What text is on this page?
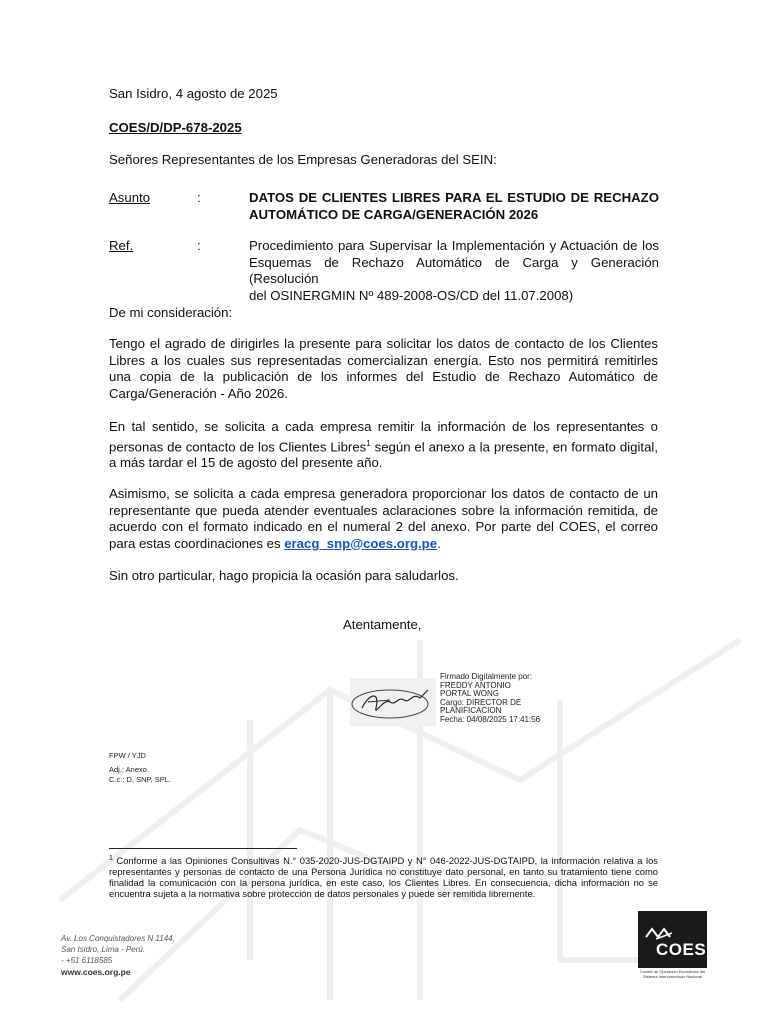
San Isidro, 4 agosto de 2025
COES/D/DP-678-2025
Señores Representantes de los Empresas Generadoras del SEIN:
Asunto	:	DATOS DE CLIENTES LIBRES PARA EL ESTUDIO DE RECHAZO
AUTOMÁTICO DE CARGA/GENERACIÓN 2026
Ref.	:	Procedimiento para Supervisar la Implementación y Actuación de los
Esquemas de Rechazo Automático de Carga y Generación (Resolución
del OSINERGMIN Nº 489-2008-OS/CD del 11.07.2008)
De mi consideración:
Tengo el agrado de dirigirles la presente para solicitar los datos de contacto de los Clientes Libres a los cuales sus representadas comercializan energía. Esto nos permitirá remitirles una copia de la publicación de los informes del Estudio de Rechazo Automático de Carga/Generación - Año 2026.
En tal sentido, se solicita a cada empresa remitir la información de los representantes o personas de contacto de los Clientes Libres$^1$ según el anexo a la presente, en formato digital, a más tardar el 15 de agosto del presente año.
Asimismo, se solicita a cada empresa generadora proporcionar los datos de contacto de un representante que pueda atender eventuales aclaraciones sobre la información remitida, de acuerdo con el formato indicado en el numeral 2 del anexo. Por parte del COES, el correo para estas coordinaciones es eracg_snp@coes.org.pe.
Sin otro particular, hago propicia la ocasión para saludarlos.
Atentamente,
Firmado Digitalmente por:
FREDDY ANTONIO
PORTAL WONG
Cargo: DIRECTOR DE
PLANIFICACION
Fecha: 04/08/2025 17:41:56
FPW / YJD
Adj.: Anexo.
C.c.: D, SNP, SPL.
$^1$ Conforme a las Opiniones Consultivas N.° 035-2020-JUS-DGTAIPD y N° 046-2022-JUS-DGTAIPD, la información relativa a los representantes y personas de contacto de una Persona Jurídica no constituye dato personal, en tanto su tratamiento tiene como finalidad la comunicación con la persona jurídica, en este caso, los Clientes Libres. En consecuencia, dicha información no se encuentra sujeta a la normativa sobre protección de datos personales y puede ser remitida libremente.
Av. Los Conquistadores N 1144,
San Isidro, Lima - Perú.
- +51 6118585
www.coes.org.pe
COES
Comité de Operación Económica del
Sistema Interconectado Nacional
